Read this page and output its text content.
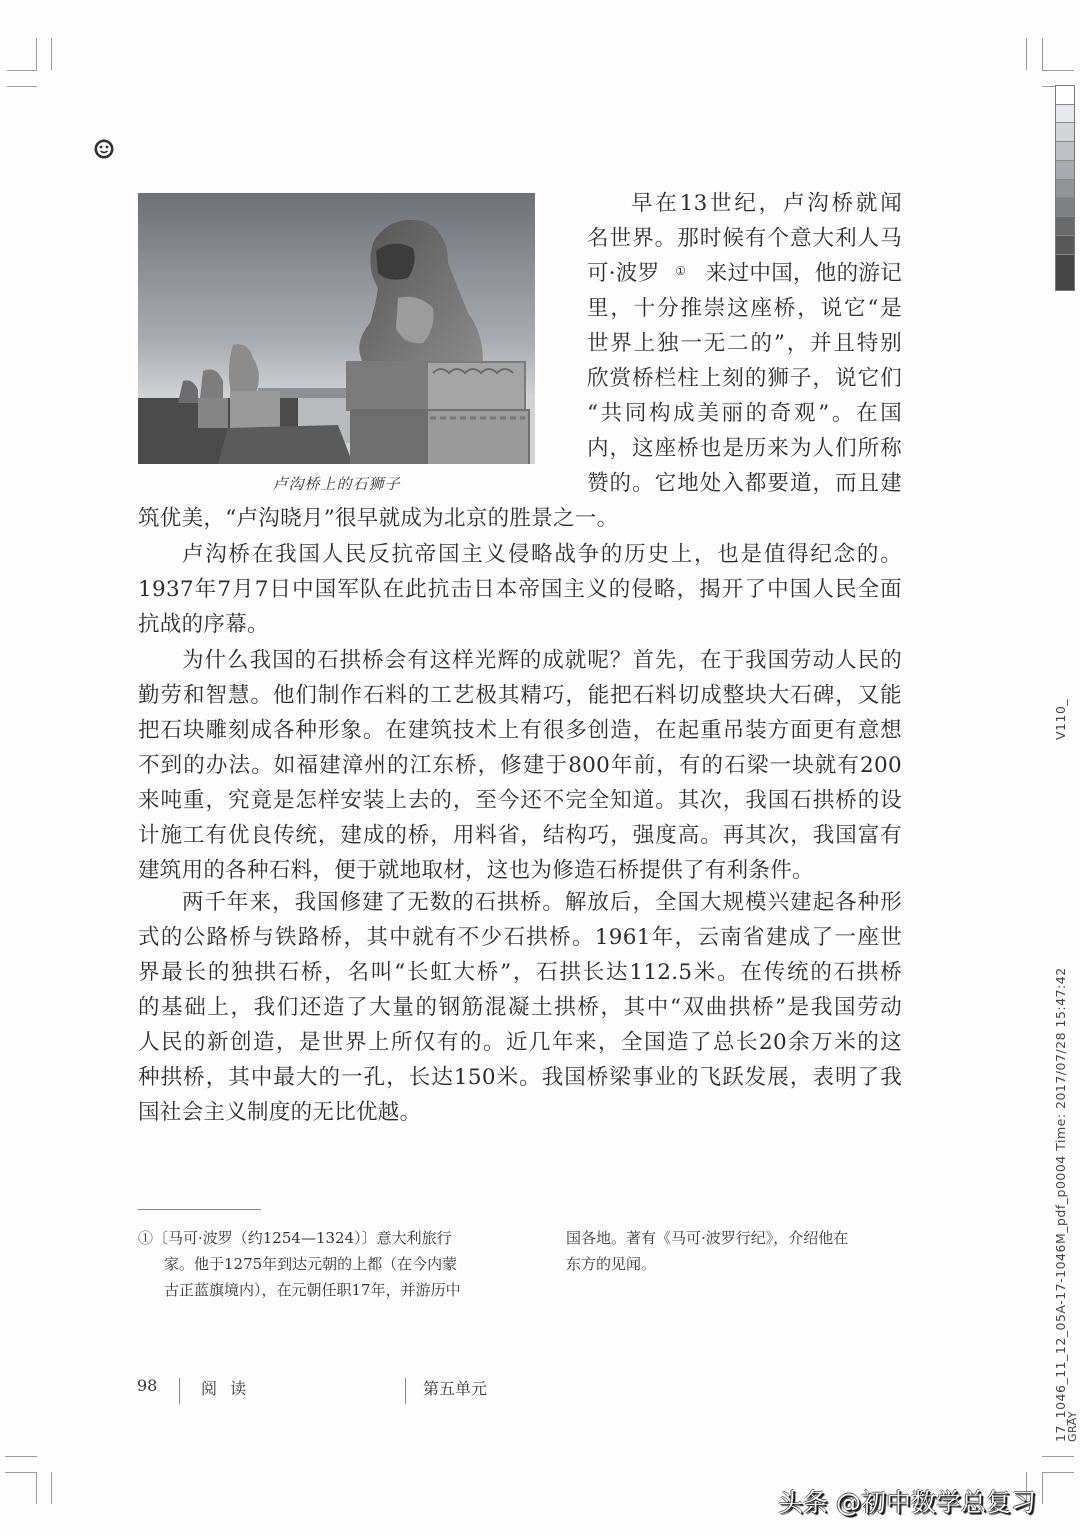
卢沟桥上的石狮子
早在13世纪，卢沟桥就闻
名世界。那时候有个意大利人马
可·波罗 ① 来过中国，他的游记
里，十分推崇这座桥，说它“是
世界上独一无二的”，并且特别
欣赏桥栏柱上刻的狮子，说它们
“共同构成美丽的奇观”。在国
内，这座桥也是历来为人们所称
赞的。它地处入都要道，而且建
筑优美，“卢沟晓月”很早就成为北京的胜景之一。
卢沟桥在我国人民反抗帝国主义侵略战争的历史上，也是值得纪念的。
1937年7月7日中国军队在此抗击日本帝国主义的侵略，揭开了中国人民全面
抗战的序幕。
为什么我国的石拱桥会有这样光辉的成就呢？首先，在于我国劳动人民的
勤劳和智慧。他们制作石料的工艺极其精巧，能把石料切成整块大石碑，又能
把石块雕刻成各种形象。在建筑技术上有很多创造，在起重吊装方面更有意想
不到的办法。如福建漳州的江东桥，修建于800年前，有的石梁一块就有200
来吨重，究竟是怎样安装上去的，至今还不完全知道。其次，我国石拱桥的设
计施工有优良传统，建成的桥，用料省，结构巧，强度高。再其次，我国富有
建筑用的各种石料，便于就地取材，这也为修造石桥提供了有利条件。
两千年来，我国修建了无数的石拱桥。解放后，全国大规模兴建起各种形
式的公路桥与铁路桥，其中就有不少石拱桥。1961年，云南省建成了一座世
界最长的独拱石桥，名叫“长虹大桥”，石拱长达112.5米。在传统的石拱桥
的基础上，我们还造了大量的钢筋混凝土拱桥，其中“双曲拱桥”是我国劳动
人民的新创造，是世界上所仅有的。近几年来，全国造了总长20余万米的这
种拱桥，其中最大的一孔，长达150米。我国桥梁事业的飞跃发展，表明了我
国社会主义制度的无比优越。
①〔马可·波罗（约1254—1324）〕意大利旅行
家。他于1275年到达元朝的上都（在今内蒙
古正蓝旗境内），在元朝任职17年，并游历中
国各地。著有《马可·波罗行纪》，介绍他在
东方的见闻。
98	阅 读	第五单元
V110_
17_1046_11_12_05A-17-1046M_pdf_p0004 Time: 2017/07/28 15:47:42
GRAY
头条 @初中数学总复习
